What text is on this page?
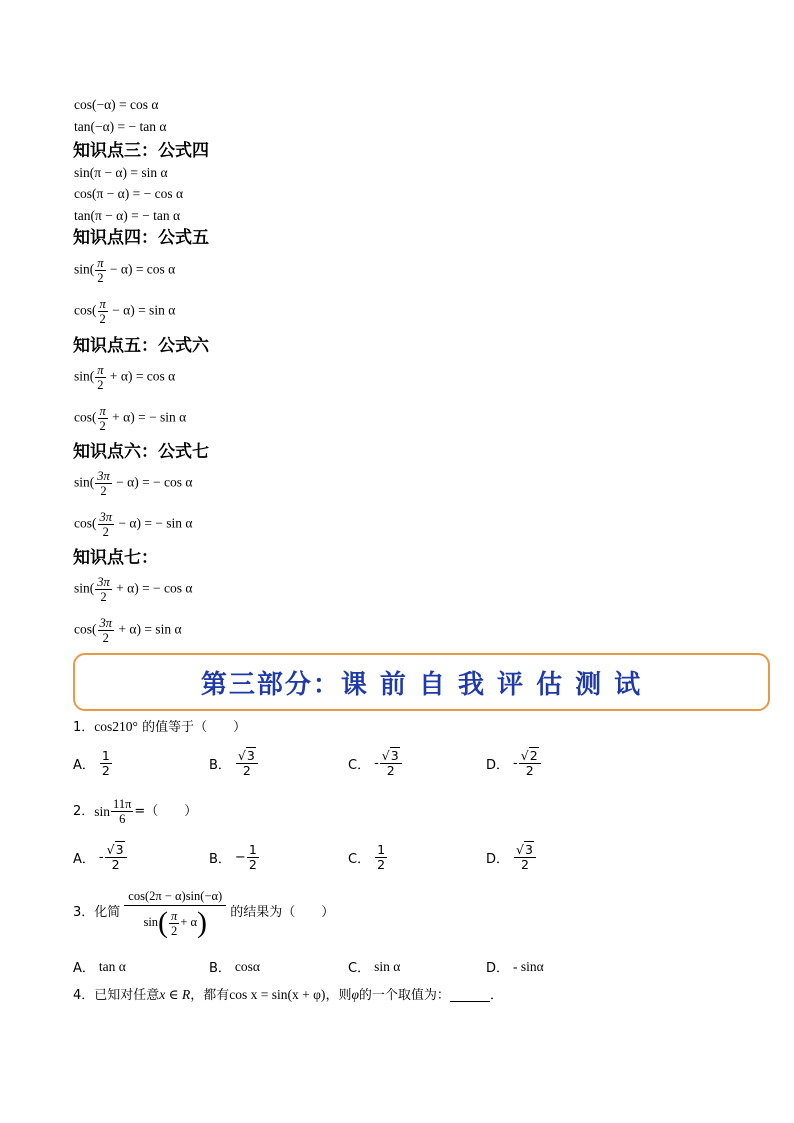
cos(−α) = cos α
tan(−α) = − tan α
知识点三：公式四
sin(π − α) = sin α
cos(π − α) = − cos α
tan(π − α) = − tan α
知识点四：公式五
$\sin( \frac{\pi}{2} - \alpha) = \cos \alpha$
$\cos( \frac{\pi}{2} - \alpha) = \sin \alpha$
知识点五：公式六
$\sin( \frac{\pi}{2} + \alpha) = \cos \alpha$
$\cos( \frac{\pi}{2} + \alpha)$ = − sin α
知识点六：公式七
$\sin( \frac{3\pi}{2} - \alpha)$ = − cos α
$\cos( \frac{3\pi}{2} - \alpha)$ = − sin α
知识点七：
$\sin( \frac{3\pi}{2} + \alpha)$ = − cos α
$\cos( \frac{3\pi}{2} + \alpha) = \sin \alpha$
第三部分：课 前 自 我 评 估 测 试
1．cos210° 的值等于（　　）
A． $\frac{1}{2}$	B． $\frac{√3}{2}$	C． - $\frac{√3}{2}$	D． - $\frac{√2}{2}$
2． $\sin \frac{11\pi}{6}$ =（　　）
A． - $\frac{√3}{2}$	B． − $\frac{1}{2}$	C． $\frac{1}{2}$	D． $\frac{√3}{2}$
3． 化简 $\frac{\cos(2\pi - \alpha)\sin(-\alpha)}{\sin( \frac{\pi}{2} + \alpha)}$ 的结果为（　　）
A． tan α	B． cosα	C． sin α	D． - sinα
4．已知对任意x ∈ R，都有cos x = sin(x + φ)，则φ的一个取值为：	．
